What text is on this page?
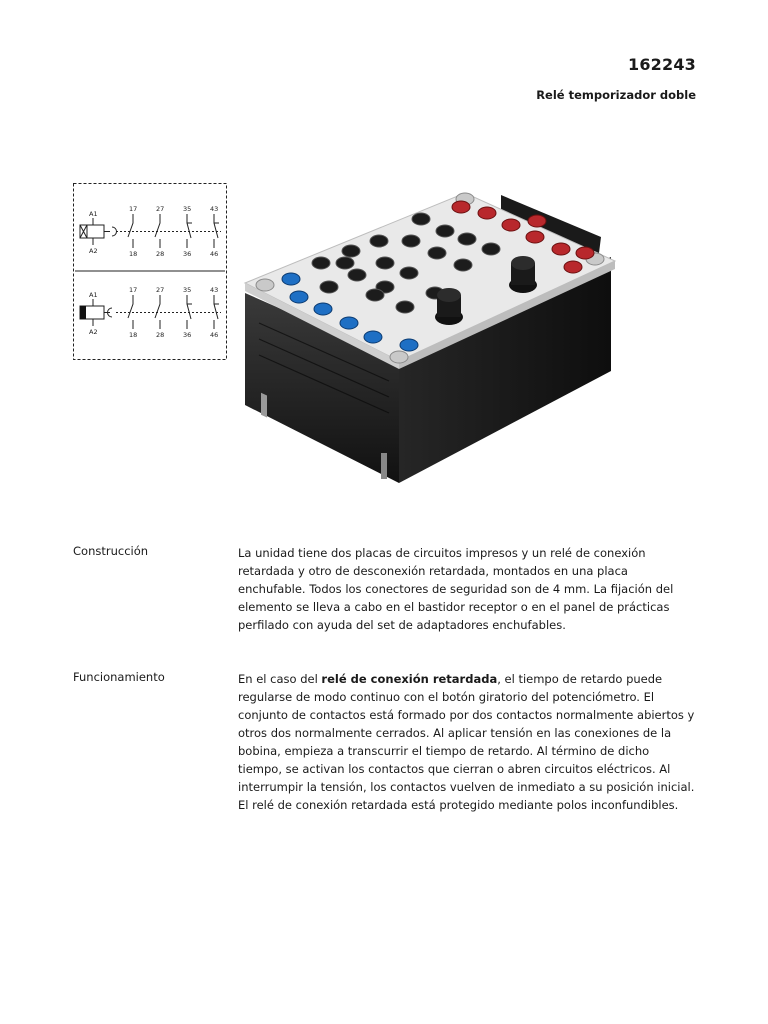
162243
Relé temporizador doble
A1
A2
17	27	35	43
18	28	36	46
A1
A2
17	27	35	43
18	28	36	46
Construcción	La unidad tiene dos placas de circuitos impresos y un relé de conexión retardada y otro de desconexión retardada, montados en una placa enchufable. Todos los conectores de seguridad son de 4 mm. La fijación del elemento se lleva a cabo en el bastidor receptor o en el panel de prácticas perfilado con ayuda del set de adaptadores enchufables.
Funcionamiento	En el caso del relé de conexión retardada, el tiempo de retardo puede regularse de modo continuo con el botón giratorio del potenciómetro. El conjunto de contactos está formado por dos contactos normalmente abiertos y otros dos normalmente cerrados. Al aplicar tensión en las conexiones de la bobina, empieza a transcurrir el tiempo de retardo. Al término de dicho tiempo, se activan los contactos que cierran o abren circuitos eléctricos. Al interrumpir la tensión, los contactos vuelven de inmediato a su posición inicial. El relé de conexión retardada está protegido mediante polos inconfundibles.
